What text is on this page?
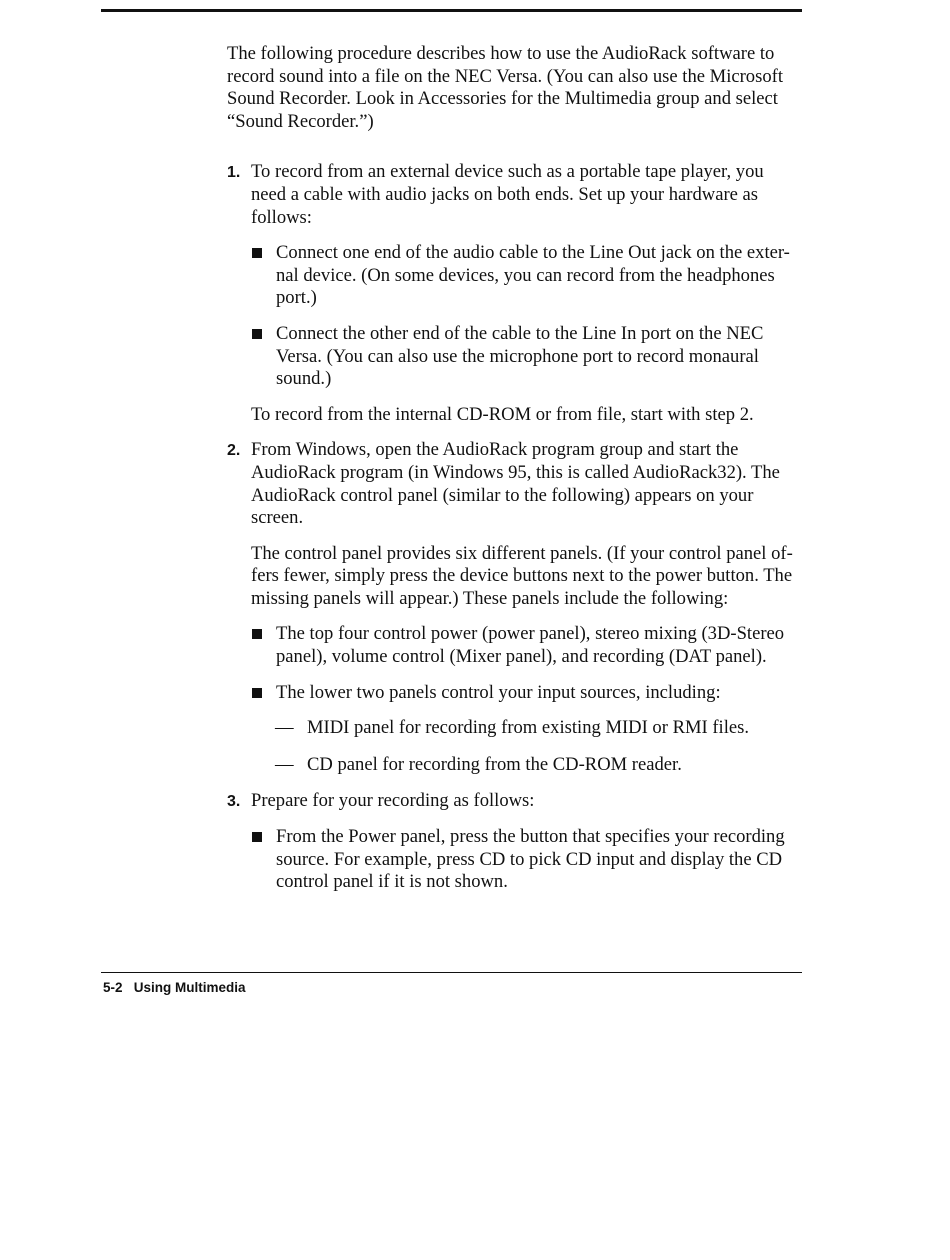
The following procedure describes how to use the AudioRack software to record sound into a file on the NEC Versa. (You can also use the Microsoft Sound Recorder. Look in Accessories for the Multimedia group and select “Sound Recorder.”)

1. To record from an external device such as a portable tape player, you need a cable with audio jacks on both ends. Set up your hardware as follows:

Connect one end of the audio cable to the Line Out jack on the exter-nal device. (On some devices, you can record from the headphones port.)

Connect the other end of the cable to the Line In port on the NEC Versa. (You can also use the microphone port to record monaural sound.)

To record from the internal CD-ROM or from file, start with step 2.

2. From Windows, open the AudioRack program group and start the AudioRack program (in Windows 95, this is called AudioRack32). The AudioRack control panel (similar to the following) appears on your screen.

The control panel provides six different panels. (If your control panel of-fers fewer, simply press the device buttons next to the power button. The missing panels will appear.) These panels include the following:

The top four control power (power panel), stereo mixing (3D-Stereo panel), volume control (Mixer panel), and recording (DAT panel).

The lower two panels control your input sources, including:

— MIDI panel for recording from existing MIDI or RMI files.

— CD panel for recording from the CD-ROM reader.

3. Prepare for your recording as follows:

From the Power panel, press the button that specifies your recording source. For example, press CD to pick CD input and display the CD control panel if it is not shown.

5-2 Using Multimedia
